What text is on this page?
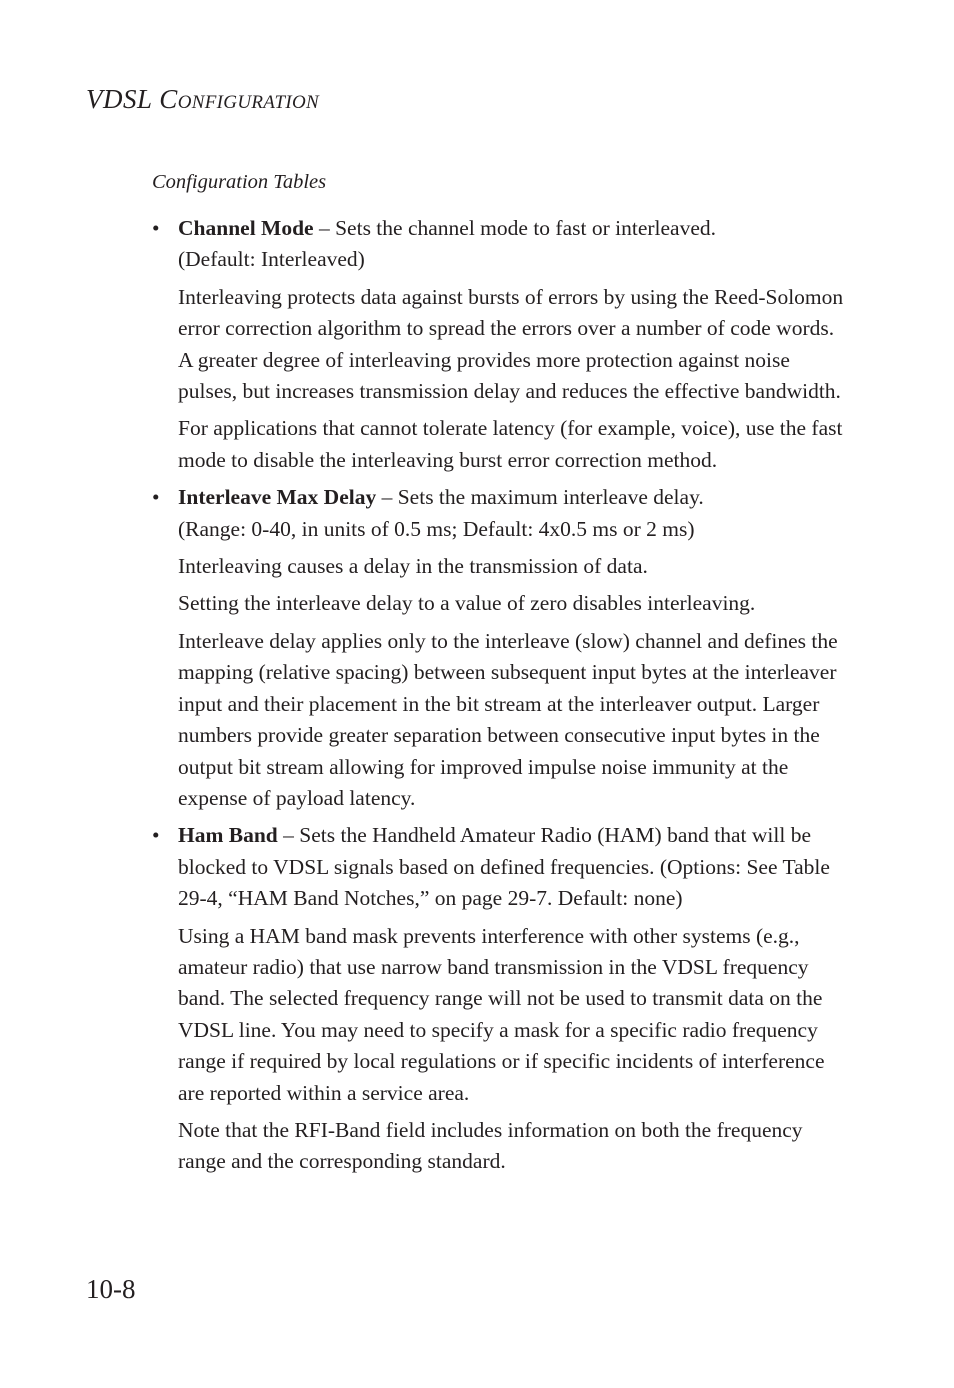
VDSL CONFIGURATION
Configuration Tables
• Channel Mode – Sets the channel mode to fast or interleaved.
(Default: Interleaved)

Interleaving protects data against bursts of errors by using the Reed-Solomon error correction algorithm to spread the errors over a number of code words. A greater degree of interleaving provides more protection against noise pulses, but increases transmission delay and reduces the effective bandwidth.

For applications that cannot tolerate latency (for example, voice), use the fast mode to disable the interleaving burst error correction method.

• Interleave Max Delay – Sets the maximum interleave delay.
(Range: 0-40, in units of 0.5 ms; Default: 4x0.5 ms or 2 ms)

Interleaving causes a delay in the transmission of data.

Setting the interleave delay to a value of zero disables interleaving.

Interleave delay applies only to the interleave (slow) channel and defines the mapping (relative spacing) between subsequent input bytes at the interleaver input and their placement in the bit stream at the interleaver output. Larger numbers provide greater separation between consecutive input bytes in the output bit stream allowing for improved impulse noise immunity at the expense of payload latency.

• Ham Band – Sets the Handheld Amateur Radio (HAM) band that will be blocked to VDSL signals based on defined frequencies. (Options: See Table 29-4, “HAM Band Notches,” on page 29-7. Default: none)

Using a HAM band mask prevents interference with other systems (e.g., amateur radio) that use narrow band transmission in the VDSL frequency band. The selected frequency range will not be used to transmit data on the VDSL line. You may need to specify a mask for a specific radio frequency range if required by local regulations or if specific incidents of interference are reported within a service area.

Note that the RFI-Band field includes information on both the frequency range and the corresponding standard.

10-8
